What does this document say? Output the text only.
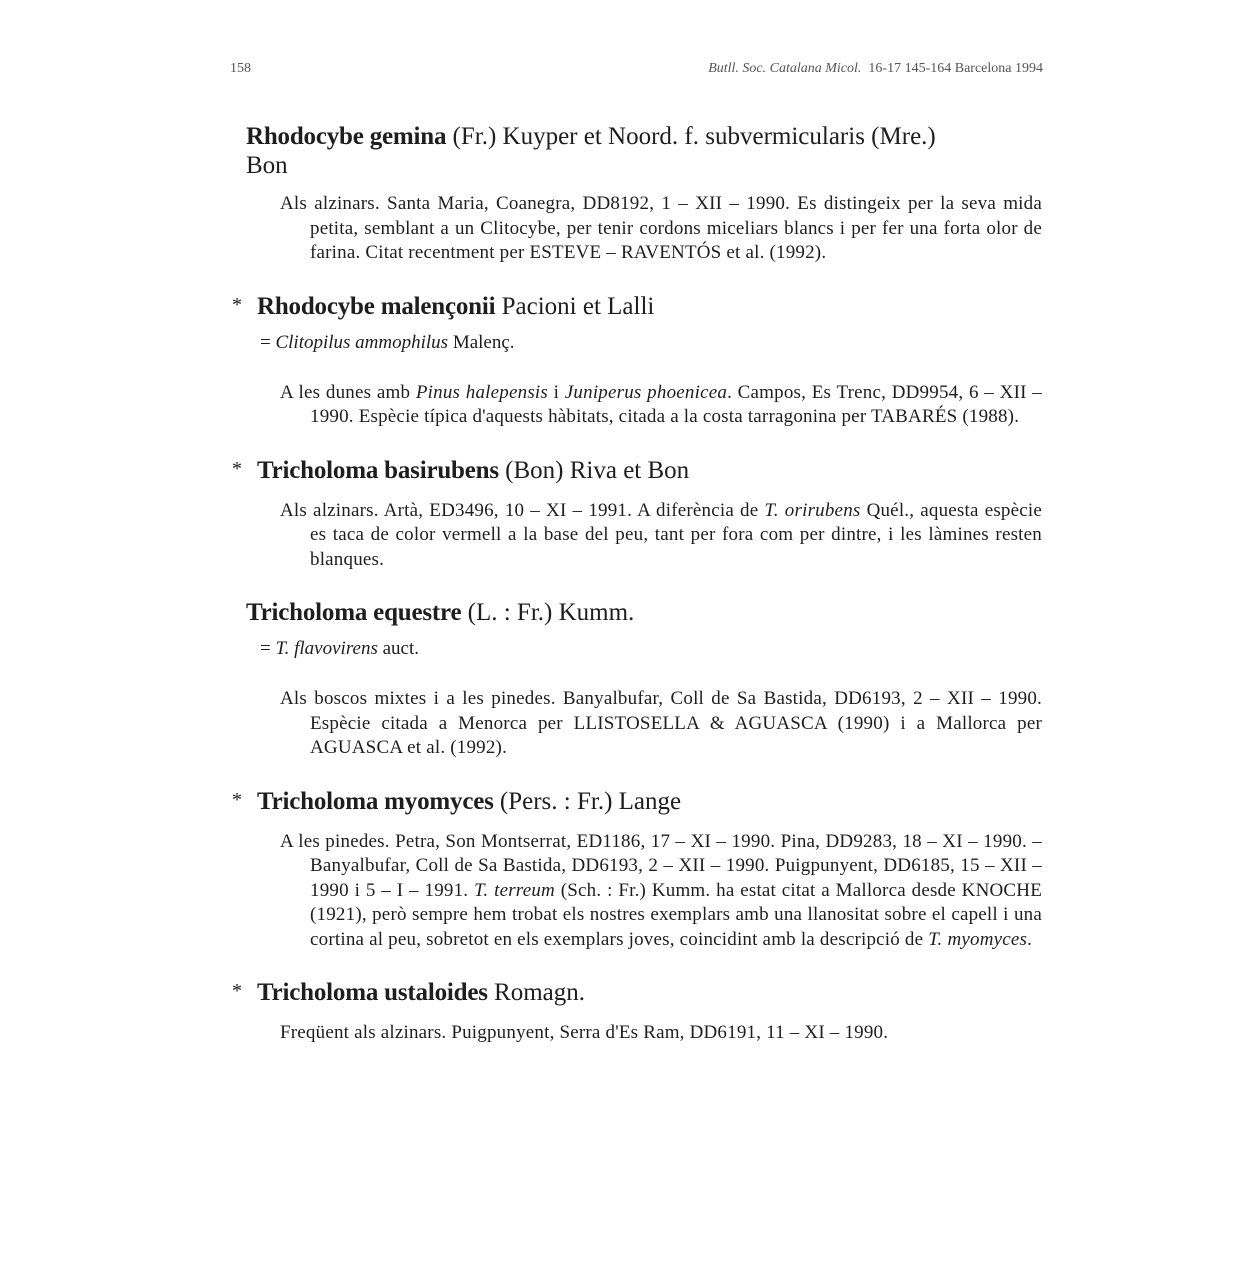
158	Butll. Soc. Catalana Micol. 16-17 145-164 Barcelona 1994
Rhodocybe gemina (Fr.) Kuyper et Noord. f. subvermicularis (Mre.)
Bon

Als alzinars. Santa Maria, Coanegra, DD8192, 1 – XII – 1990. Es distingeix per la seva mida petita, semblant a un Clitocybe, per tenir cordons miceliars blancs i per fer una forta olor de farina. Citat recentment per ESTEVE – RAVENTÓS et al. (1992).

* Rhodocybe malençonii Pacioni et Lalli

= Clitopilus ammophilus Malenç.

A les dunes amb Pinus halepensis i Juniperus phoenicea. Campos, Es Trenc, DD9954, 6 – XII – 1990. Espècie típica d'aquests hàbitats, citada a la costa tarragonina per TABARÉS (1988).

* Tricholoma basirubens (Bon) Riva et Bon

Als alzinars. Artà, ED3496, 10 – XI – 1991. A diferència de T. orirubens Quél., aquesta espècie es taca de color vermell a la base del peu, tant per fora com per dintre, i les làmines resten blanques.

Tricholoma equestre (L. : Fr.) Kumm.

= T. flavovirens auct.

Als boscos mixtes i a les pinedes. Banyalbufar, Coll de Sa Bastida, DD6193, 2 – XII – 1990. Espècie citada a Menorca per LLISTOSELLA & AGUASCA (1990) i a Mallorca per AGUASCA et al. (1992).

* Tricholoma myomyces (Pers. : Fr.) Lange

A les pinedes. Petra, Son Montserrat, ED1186, 17 – XI – 1990. Pina, DD9283, 18 – XI – 1990. – Banyalbufar, Coll de Sa Bastida, DD6193, 2 – XII – 1990. Puigpunyent, DD6185, 15 – XII – 1990 i 5 – I – 1991. T. terreum (Sch. : Fr.) Kumm. ha estat citat a Mallorca desde KNOCHE (1921), però sempre hem trobat els nostres exemplars amb una llanositat sobre el capell i una cortina al peu, sobretot en els exemplars joves, coincidint amb la descripció de T. myomyces.

* Tricholoma ustaloides Romagn.

Freqüent als alzinars. Puigpunyent, Serra d'Es Ram, DD6191, 11 – XI – 1990.
